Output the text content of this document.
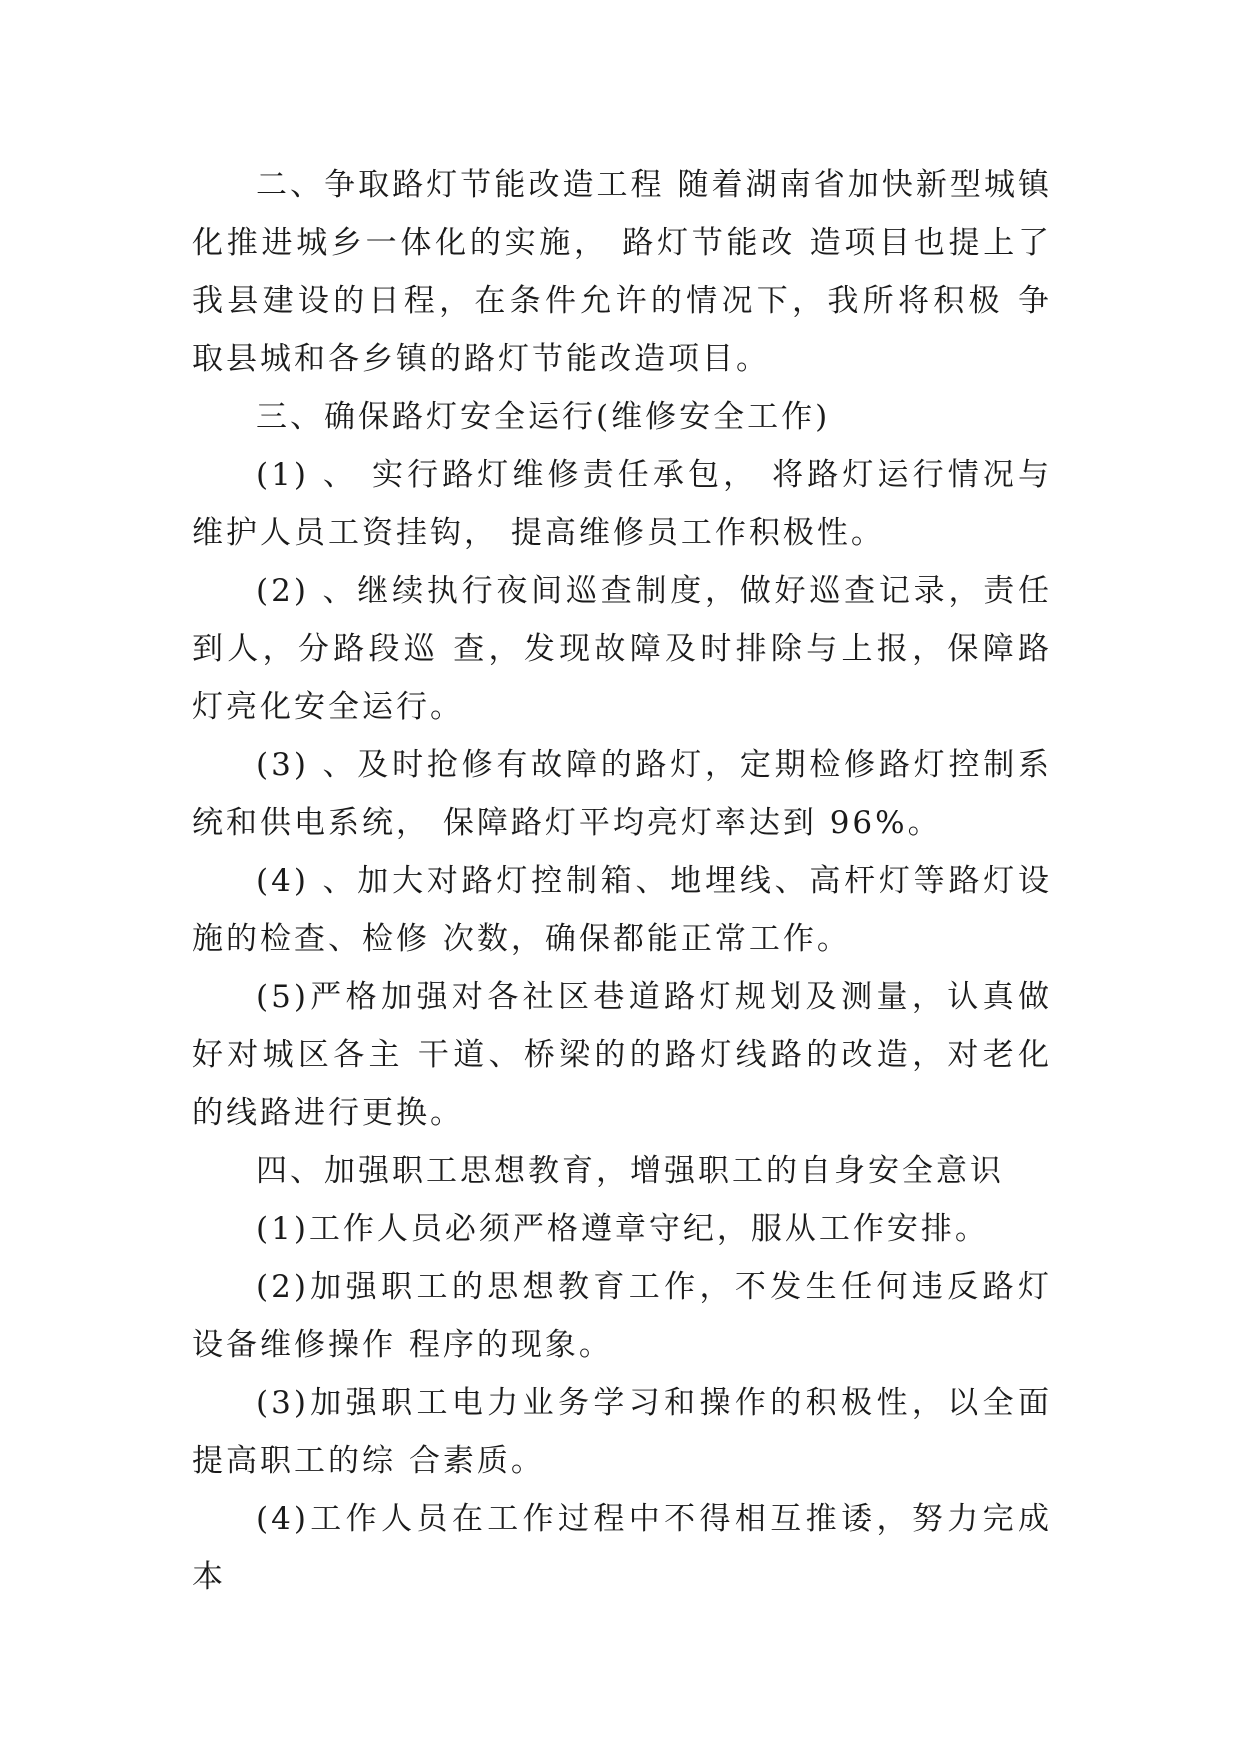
二、争取路灯节能改造工程 随着湖南省加快新型城镇化推进城乡一体化的实施， 路灯节能改 造项目也提上了我县建设的日程，在条件允许的情况下，我所将积极 争取县城和各乡镇的路灯节能改造项目。

三、确保路灯安全运行(维修安全工作)

(1) 、 实行路灯维修责任承包， 将路灯运行情况与维护人员工资挂钩， 提高维修员工作积极性。

(2) 、继续执行夜间巡查制度，做好巡查记录，责任到人，分路段巡 查，发现故障及时排除与上报，保障路灯亮化安全运行。

(3) 、及时抢修有故障的路灯，定期检修路灯控制系统和供电系统， 保障路灯平均亮灯率达到 96%。

(4) 、加大对路灯控制箱、地埋线、高杆灯等路灯设施的检查、检修 次数，确保都能正常工作。

(5)严格加强对各社区巷道路灯规划及测量，认真做好对城区各主 干道、桥梁的的路灯线路的改造，对老化的线路进行更换。

四、加强职工思想教育，增强职工的自身安全意识

(1)工作人员必须严格遵章守纪，服从工作安排。

(2)加强职工的思想教育工作，不发生任何违反路灯设备维修操作 程序的现象。

(3)加强职工电力业务学习和操作的积极性，以全面提高职工的综 合素质。

(4)工作人员在工作过程中不得相互推诿，努力完成本
